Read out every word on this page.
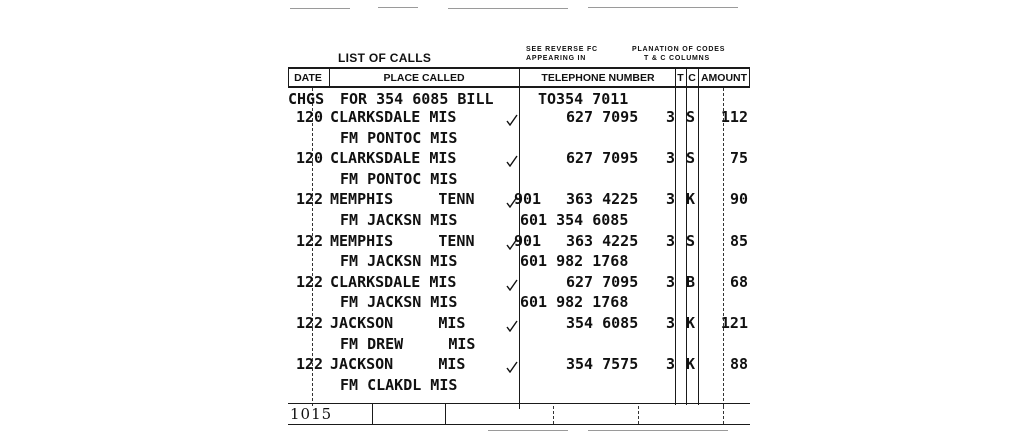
LIST OF CALLS
SEE REVERSE FC
APPEARING IN
PLANATION OF CODES
T & C COLUMNS
DATE	PLACE CALLED	TELEPHONE NUMBER	T C AMOUNT
CHGS FOR 354 6085 BILL	TO354 7011
120 CLARKSDALE MIS	627 7095 3 S 112
FM PONTOC MIS
120 CLARKSDALE MIS	627 7095 3 S 75
FM PONTOC MIS
122 MEMPHIS     TENN	901 363 4225 3 K 90
FM JACKSN MIS	601 354 6085
122 MEMPHIS     TENN	901 363 4225 3 S 85
FM JACKSN MIS	601 982 1768
122 CLARKSDALE MIS	627 7095 3 B 68
FM JACKSN MIS	601 982 1768
122 JACKSON     MIS	354 6085 3 K 121
FM DREW     MIS
122 JACKSON     MIS	354 7575 3 K 88
FM CLAKDL MIS
1015
